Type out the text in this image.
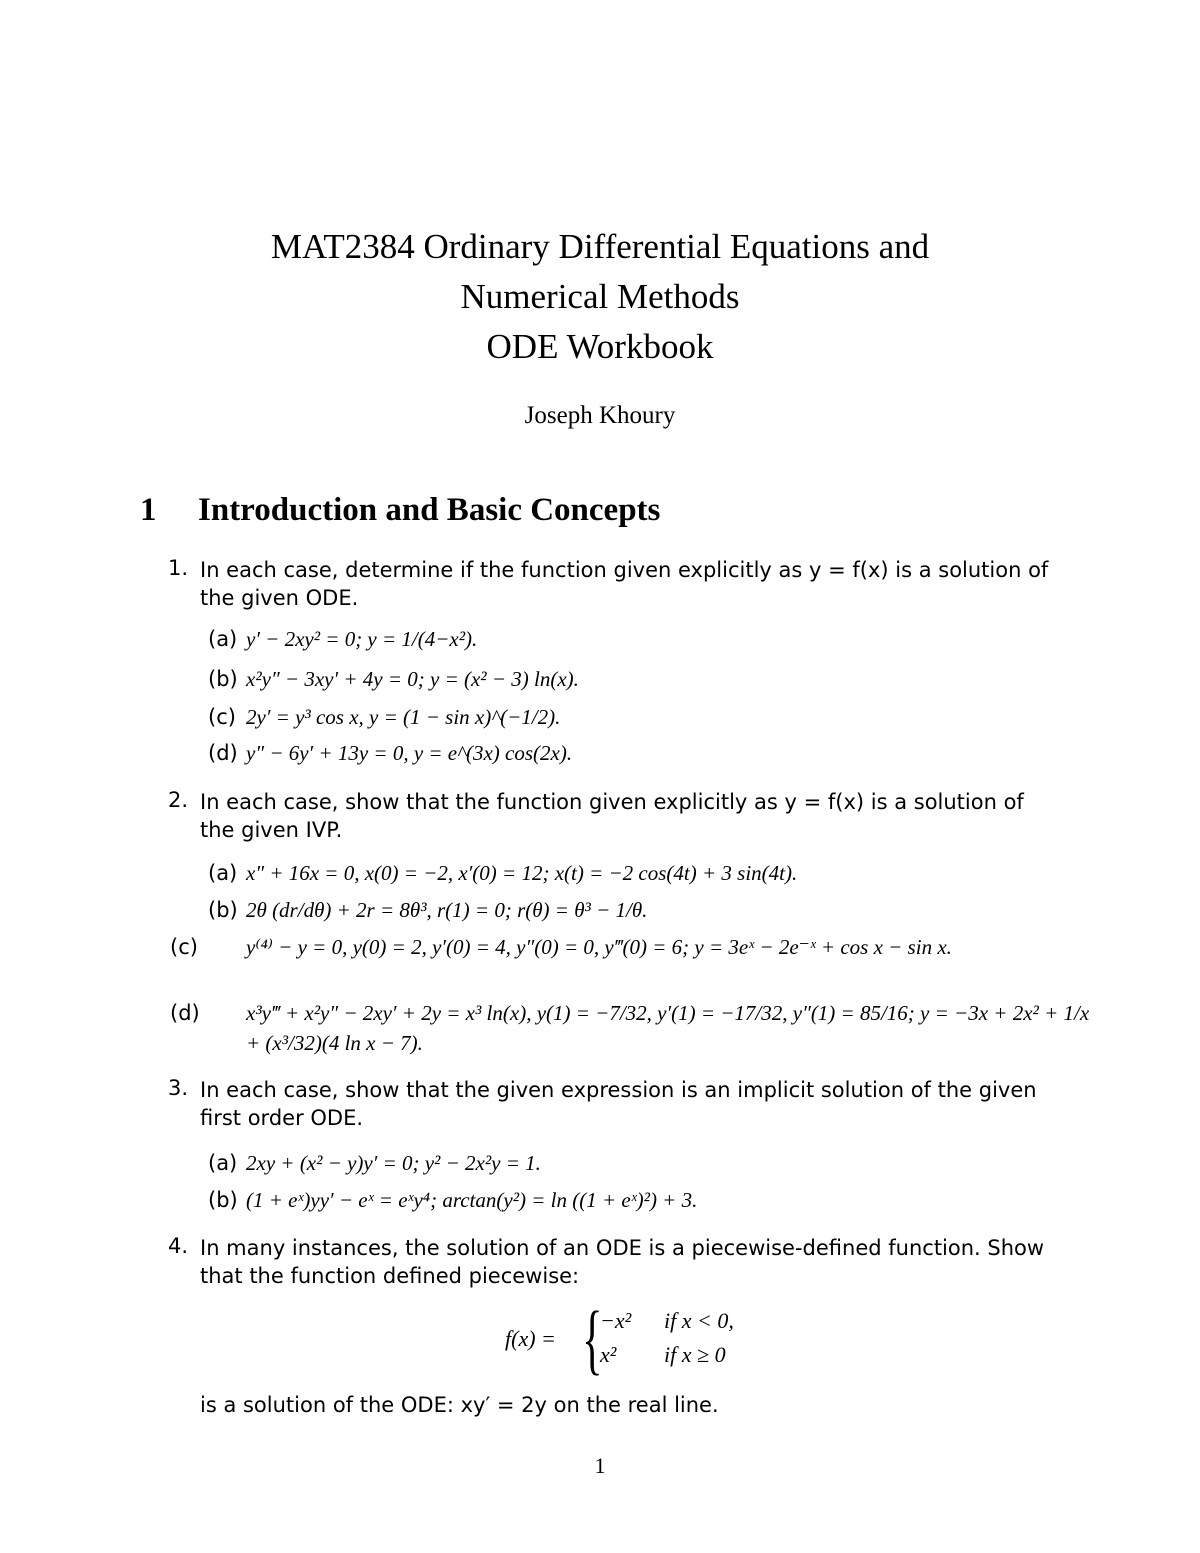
MAT2384 Ordinary Differential Equations and
Numerical Methods
ODE Workbook
Joseph Khoury
1 Introduction and Basic Concepts
1. In each case, determine if the function given explicitly as y = f(x) is a solution of the given ODE.
(a) y′ − 2xy² = 0; y = 1/(4−x²).
(b) x²y″ − 3xy′ + 4y = 0; y = (x² − 3) ln(x).
(c) 2y′ = y³ cos x, y = (1 − sin x)^(−1/2).
(d) y″ − 6y′ + 13y = 0, y = e^(3x) cos(2x).
2. In each case, show that the function given explicitly as y = f(x) is a solution of the given IVP.
(a) x″ + 16x = 0, x(0) = −2, x′(0) = 12; x(t) = −2 cos(4t) + 3 sin(4t).
(b) 2θ (dr/dθ) + 2r = 8θ³, r(1) = 0; r(θ) = θ³ − 1/θ.
(c) y⁽⁴⁾ − y = 0, y(0) = 2, y′(0) = 4, y″(0) = 0, y‴(0) = 6; y = 3eˣ − 2e⁻ˣ + cos x − sin x.
(d) x³y‴ + x²y″ − 2xy′ + 2y = x³ ln(x), y(1) = −7/32, y′(1) = −17/32, y″(1) = 85/16; y = −3x + 2x² + 1/x + (x³/32)(4 ln x − 7).
3. In each case, show that the given expression is an implicit solution of the given first order ODE.
(a) 2xy + (x² − y)y′ = 0; y² − 2x²y = 1.
(b) (1 + eˣ)yy′ − eˣ = eˣy⁴; arctan(y²) = ln ((1 + eˣ)²) + 3.
4. In many instances, the solution of an ODE is a piecewise-defined function. Show that the function defined piecewise:
f(x) = {
−x² if x < 0,
x² if x ≥ 0
is a solution of the ODE: xy′ = 2y on the real line.
1
